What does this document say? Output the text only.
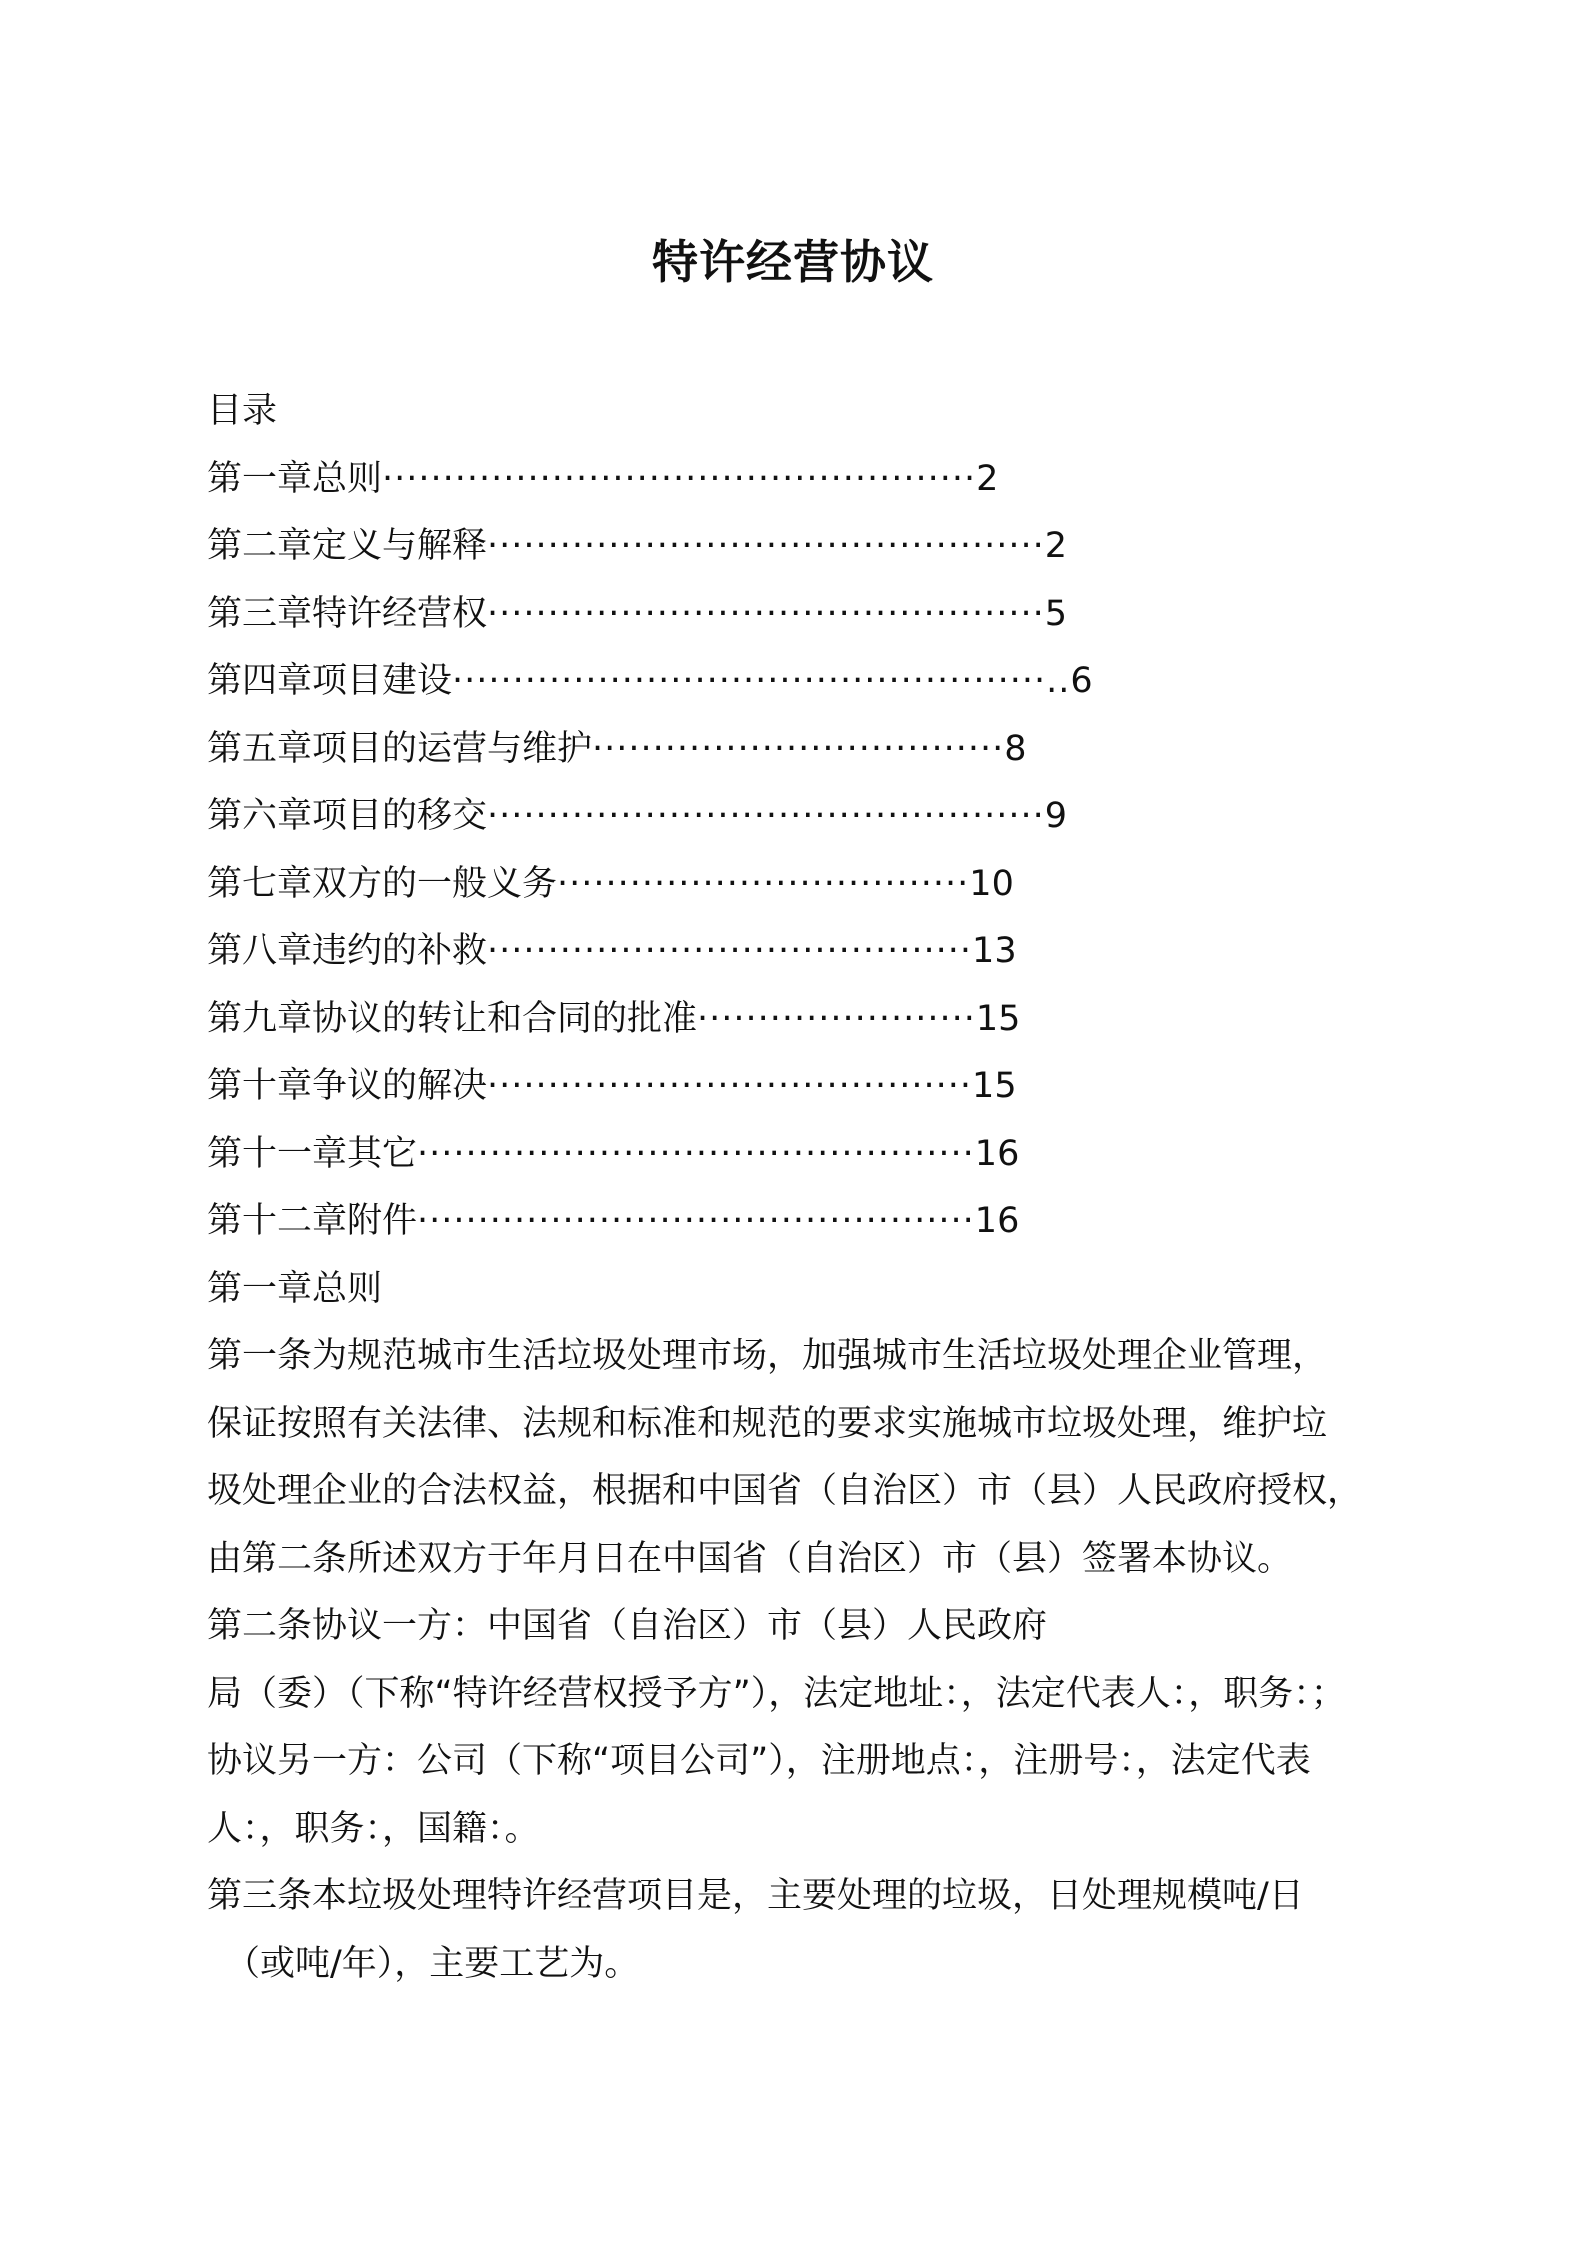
特许经营协议
目录
第一章总则·················································2
第二章定义与解释··············································2
第三章特许经营权··············································5
第四章项目建设·················································..6
第五章项目的运营与维护··································8
第六章项目的移交··············································9
第七章双方的一般义务··································10
第八章违约的补救········································13
第九章协议的转让和合同的批准·······················15
第十章争议的解决········································15
第十一章其它··············································16
第十二章附件··············································16
第一章总则
第一条为规范城市生活垃圾处理市场，加强城市生活垃圾处理企业管理，
保证按照有关法律、法规和标准和规范的要求实施城市垃圾处理，维护垃
圾处理企业的合法权益，根据和中国省（自治区）市（县）人民政府授权，
由第二条所述双方于年月日在中国省（自治区）市（县）签署本协议。
第二条协议一方：中国省（自治区）市（县）人民政府
局（委）（下称“特许经营权授予方”），法定地址：，法定代表人：，职务：；
协议另一方：公司（下称“项目公司”），注册地点：，注册号：，法定代表
人：，职务：，国籍：。
第三条本垃圾处理特许经营项目是，主要处理的垃圾，日处理规模吨/日
（或吨/年），主要工艺为。
